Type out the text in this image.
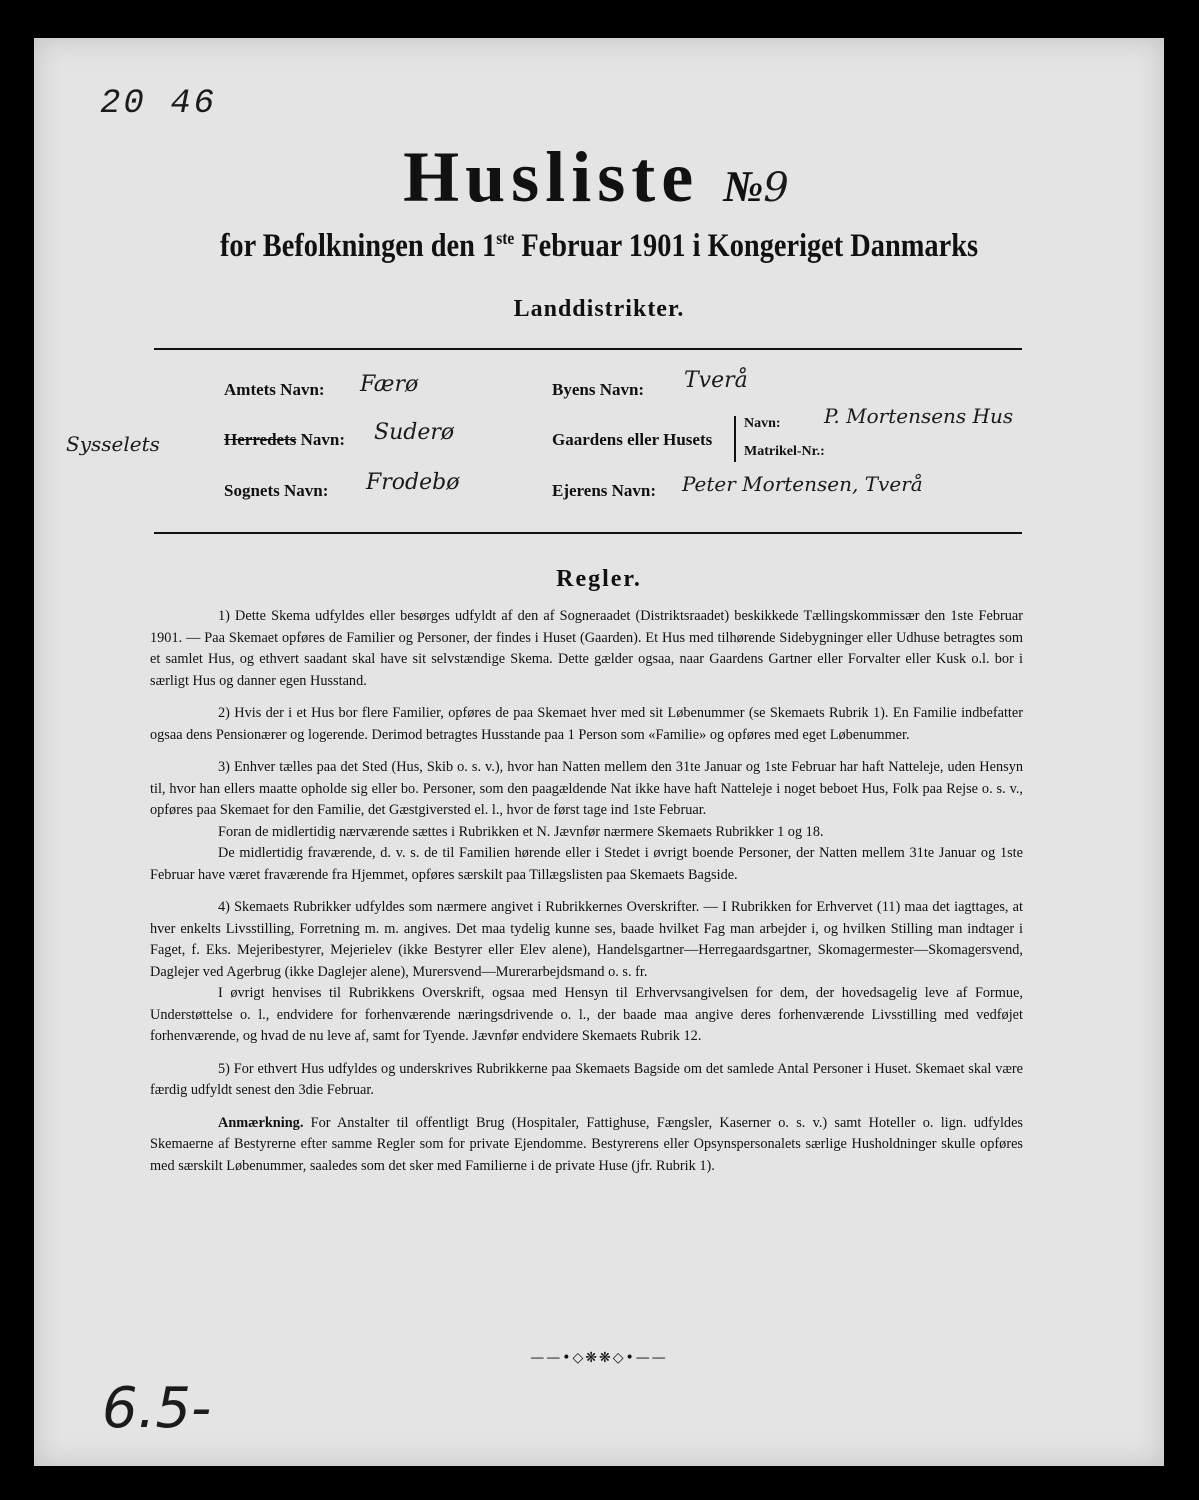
20 46
Husliste №9
for Befolkningen den 1ste Februar 1901 i Kongeriget Danmarks
Landdistrikter.
Amtets Navn: Færø
Sysselets	Herredets Navn: Suderø
Sognets Navn: Frodebø
Byens Navn: Tverå
Gaardens eller Husets
Navn: P. Mortensens Hus
Matrikel-Nr.:
Ejerens Navn: Peter Mortensen, Tverå
Regler.

1) Dette Skema udfyldes eller besørges udfyldt af den af Sogneraadet (Distriktsraadet) beskikkede Tællingskommissær den 1ste Februar 1901. — Paa Skemaet opføres de Familier og Personer, der findes i Huset (Gaarden). Et Hus med tilhørende Sidebygninger eller Udhuse betragtes som et samlet Hus, og ethvert saadant skal have sit selvstændige Skema. Dette gælder ogsaa, naar Gaardens Gartner eller Forvalter eller Kusk o.l. bor i særligt Hus og danner egen Husstand.

2) Hvis der i et Hus bor flere Familier, opføres de paa Skemaet hver med sit Løbenummer (se Skemaets Rubrik 1). En Familie indbefatter ogsaa dens Pensionærer og logerende. Derimod betragtes Husstande paa 1 Person som «Familie» og opføres med eget Løbenummer.

3) Enhver tælles paa det Sted (Hus, Skib o. s. v.), hvor han Natten mellem den 31te Januar og 1ste Februar har haft Natteleje, uden Hensyn til, hvor han ellers maatte opholde sig eller bo. Personer, som den paagældende Nat ikke have haft Natteleje i noget beboet Hus, Folk paa Rejse o. s. v., opføres paa Skemaet for den Familie, det Gæstgiversted el. l., hvor de først tage ind 1ste Februar.

Foran de midlertidig nærværende sættes i Rubrikken et N. Jævnfør nærmere Skemaets Rubrikker 1 og 18.

De midlertidig fraværende, d. v. s. de til Familien hørende eller i Stedet i øvrigt boende Personer, der Natten mellem 31te Januar og 1ste Februar have været fraværende fra Hjemmet, opføres særskilt paa Tillægslisten paa Skemaets Bagside.

4) Skemaets Rubrikker udfyldes som nærmere angivet i Rubrikkernes Overskrifter. — I Rubrikken for Erhvervet (11) maa det iagttages, at hver enkelts Livsstilling, Forretning m. m. angives. Det maa tydelig kunne ses, baade hvilket Fag man arbejder i, og hvilken Stilling man indtager i Faget, f. Eks. Mejeribestyrer, Mejerielev (ikke Bestyrer eller Elev alene), Handelsgartner—Herregaardsgartner, Skomagermester—Skomagersvend, Daglejer ved Agerbrug (ikke Daglejer alene), Murersvend—Murerarbejdsmand o. s. fr.

I øvrigt henvises til Rubrikkens Overskrift, ogsaa med Hensyn til Erhvervsangivelsen for dem, der hovedsagelig leve af Formue, Understøttelse o. l., endvidere for forhenværende næringsdrivende o. l., der baade maa angive deres forhenværende Livsstilling med vedføjet forhenværende, og hvad de nu leve af, samt for Tyende. Jævnfør endvidere Skemaets Rubrik 12.

5) For ethvert Hus udfyldes og underskrives Rubrikkerne paa Skemaets Bagside om det samlede Antal Personer i Huset. Skemaet skal være færdig udfyldt senest den 3die Februar.

Anmærkning. For Anstalter til offentligt Brug (Hospitaler, Fattighuse, Fængsler, Kaserner o. s. v.) samt Hoteller o. lign. udfyldes Skemaerne af Bestyrerne efter samme Regler som for private Ejendomme. Bestyrerens eller Opsynspersonalets særlige Husholdninger skulle opføres med særskilt Løbenummer, saaledes som det sker med Familierne i de private Huse (jfr. Rubrik 1).

——•◇❋❋◇•——
6.5-
